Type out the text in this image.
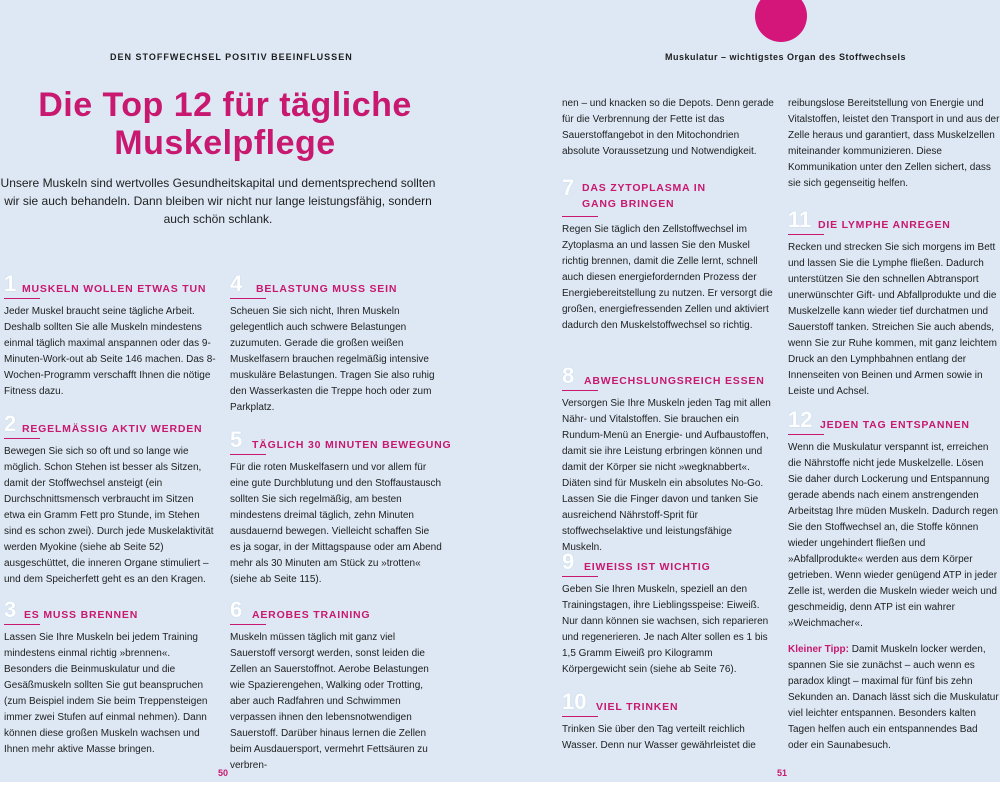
DEN STOFFWECHSEL POSITIV BEEINFLUSSEN
Die Top 12 für tägliche
Muskelpflege

Unsere Muskeln sind wertvolles Gesundheitskapital und dementsprechend sollten wir sie auch behandeln. Dann bleiben wir nicht nur lange leistungsfähig, sondern auch schön schlank.

1 MUSKELN WOLLEN ETWAS TUN

Jeder Muskel braucht seine tägliche Arbeit. Deshalb sollten Sie alle Muskeln mindestens einmal täglich maximal anspannen oder das 9-Minuten-Work-out ab Seite 146 machen. Das 8-Wochen-Programm verschafft Ihnen die nötige Fitness dazu.

2 REGELMÄSSIG AKTIV WERDEN

Bewegen Sie sich so oft und so lange wie möglich. Schon Stehen ist besser als Sitzen, damit der Stoffwechsel ansteigt (ein Durchschnittsmensch verbraucht im Sitzen etwa ein Gramm Fett pro Stunde, im Stehen sind es schon zwei). Durch jede Muskelaktivität werden Myokine (siehe ab Seite 52) ausgeschüttet, die inneren Organe stimuliert – und dem Speicherfett geht es an den Kragen.

3 ES MUSS BRENNEN

Lassen Sie Ihre Muskeln bei jedem Training mindestens einmal richtig »brennen«. Besonders die Beinmuskulatur und die Gesäßmuskeln sollten Sie gut beanspruchen (zum Beispiel indem Sie beim Treppensteigen immer zwei Stufen auf einmal nehmen). Dann können diese großen Muskeln wachsen und Ihnen mehr aktive Masse bringen.

4 BELASTUNG MUSS SEIN

Scheuen Sie sich nicht, Ihren Muskeln gelegentlich auch schwere Belastungen zuzumuten. Gerade die großen weißen Muskelfasern brauchen regelmäßig intensive muskuläre Belastungen. Tragen Sie also ruhig den Wasserkasten die Treppe hoch oder zum Parkplatz.

5 TÄGLICH 30 MINUTEN BEWEGUNG

Für die roten Muskelfasern und vor allem für eine gute Durchblutung und den Stoffaustausch sollten Sie sich regelmäßig, am besten mindestens dreimal täglich, zehn Minuten ausdauernd bewegen. Vielleicht schaffen Sie es ja sogar, in der Mittagspause oder am Abend mehr als 30 Minuten am Stück zu »trotten« (siehe ab Seite 115).

6 AEROBES TRAINING

Muskeln müssen täglich mit ganz viel Sauerstoff versorgt werden, sonst leiden die Zellen an Sauerstoffnot. Aerobe Belastungen wie Spazierengehen, Walking oder Trotting, aber auch Radfahren und Schwimmen verpassen ihnen den lebensnotwendigen Sauerstoff. Darüber hinaus lernen die Zellen beim Ausdauersport, vermehrt Fettsäuren zu verbren-

50
Muskulatur – wichtigstes Organ des Stoffwechsels

nen – und knacken so die Depots. Denn gerade für die Verbrennung der Fette ist das Sauerstoffangebot in den Mitochondrien absolute Voraussetzung und Notwendigkeit.

7 DAS ZYTOPLASMA IN GANG BRINGEN

Regen Sie täglich den Zellstoffwechsel im Zytoplasma an und lassen Sie den Muskel richtig brennen, damit die Zelle lernt, schnell auch diesen energiefordernden Prozess der Energiebereitstellung zu nutzen. Er versorgt die großen, energiefressenden Zellen und aktiviert dadurch den Muskelstoffwechsel so richtig.

8 ABWECHSLUNGSREICH ESSEN

Versorgen Sie Ihre Muskeln jeden Tag mit allen Nähr- und Vitalstoffen. Sie brauchen ein Rundum-Menü an Energie- und Aufbaustoffen, damit sie ihre Leistung erbringen können und damit der Körper sie nicht »wegknabbert«. Diäten sind für Muskeln ein absolutes No-Go. Lassen Sie die Finger davon und tanken Sie ausreichend Nährstoff-Sprit für stoffwechselaktive und leistungsfähige Muskeln.

9 EIWEISS IST WICHTIG

Geben Sie Ihren Muskeln, speziell an den Trainingstagen, ihre Lieblingsspeise: Eiweiß. Nur dann können sie wachsen, sich reparieren und regenerieren. Je nach Alter sollen es 1 bis 1,5 Gramm Eiweiß pro Kilogramm Körpergewicht sein (siehe ab Seite 76).

10 VIEL TRINKEN

Trinken Sie über den Tag verteilt reichlich Wasser. Denn nur Wasser gewährleistet die

reibungslose Bereitstellung von Energie und Vitalstoffen, leistet den Transport in und aus der Zelle heraus und garantiert, dass Muskelzellen miteinander kommunizieren. Diese Kommunikation unter den Zellen sichert, dass sie sich gegenseitig helfen.

11 DIE LYMPHE ANREGEN

Recken und strecken Sie sich morgens im Bett und lassen Sie die Lymphe fließen. Dadurch unterstützen Sie den schnellen Abtransport unerwünschter Gift- und Abfallprodukte und die Muskelzelle kann wieder tief durchatmen und Sauerstoff tanken. Streichen Sie auch abends, wenn Sie zur Ruhe kommen, mit ganz leichtem Druck an den Lymphbahnen entlang der Innenseiten von Beinen und Armen sowie in Leiste und Achsel.

12 JEDEN TAG ENTSPANNEN

Wenn die Muskulatur verspannt ist, erreichen die Nährstoffe nicht jede Muskelzelle. Lösen Sie daher durch Lockerung und Entspannung gerade abends nach einem anstrengenden Arbeitstag Ihre müden Muskeln. Dadurch regen Sie den Stoffwechsel an, die Stoffe können wieder ungehindert fließen und »Abfallprodukte« werden aus dem Körper getrieben. Wenn wieder genügend ATP in jeder Zelle ist, werden die Muskeln wieder weich und geschmeidig, denn ATP ist ein wahrer »Weichmacher«.

Kleiner Tipp: Damit Muskeln locker werden, spannen Sie sie zunächst – auch wenn es paradox klingt – maximal für fünf bis zehn Sekunden an. Danach lässt sich die Muskulatur viel leichter entspannen. Besonders kalten Tagen helfen auch ein entspannendes Bad oder ein Saunabesuch.

51
